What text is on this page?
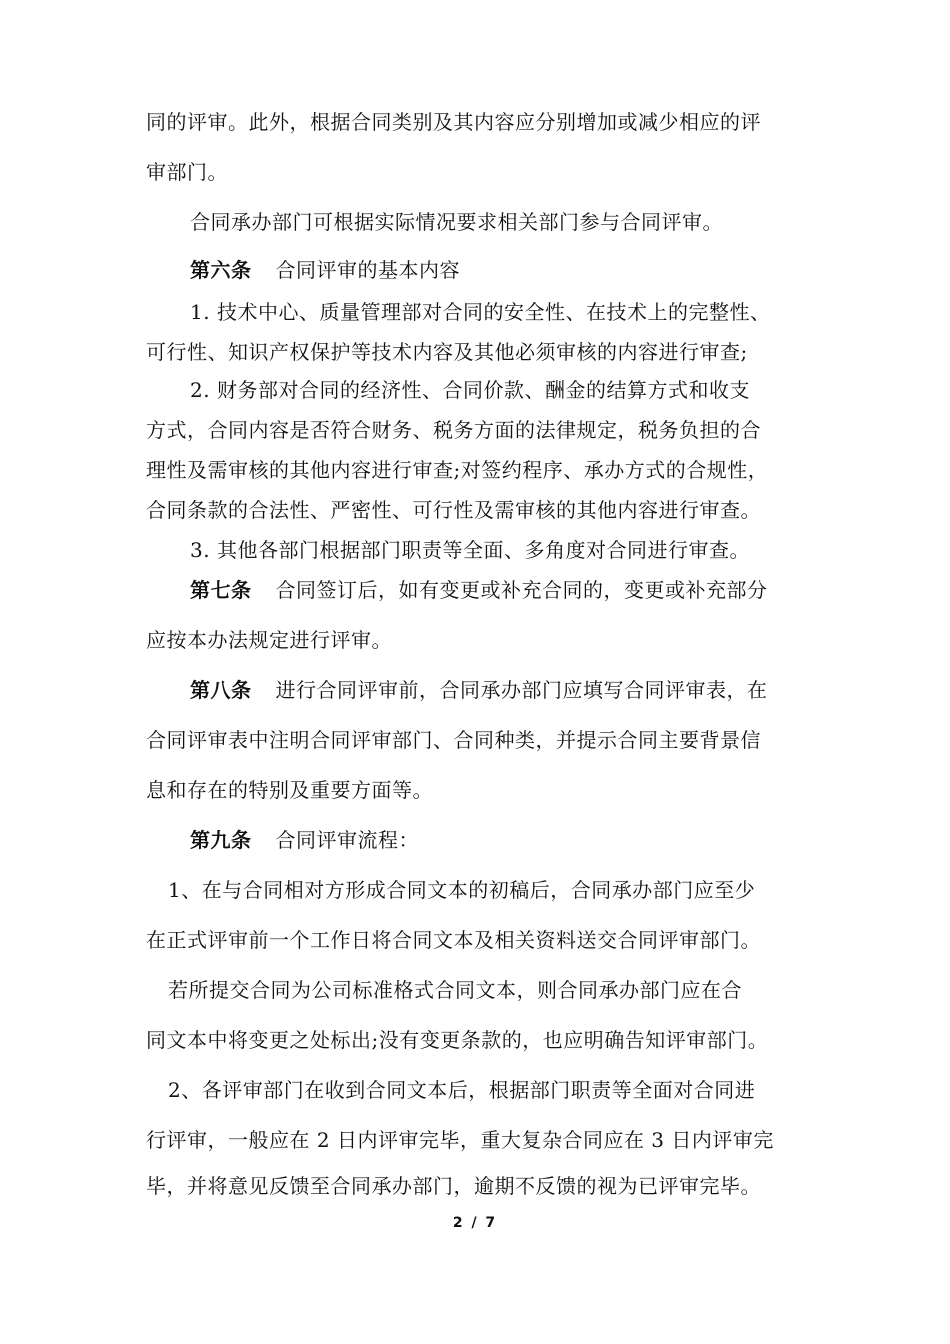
同的评审。此外，根据合同类别及其内容应分别增加或减少相应的评
审部门。
合同承办部门可根据实际情况要求相关部门参与合同评审。
第六条 合同评审的基本内容
1. 技术中心、质量管理部对合同的安全性、在技术上的完整性、
可行性、知识产权保护等技术内容及其他必须审核的内容进行审查;
2. 财务部对合同的经济性、合同价款、酬金的结算方式和收支
方式，合同内容是否符合财务、税务方面的法律规定，税务负担的合
理性及需审核的其他内容进行审查;对签约程序、承办方式的合规性，
合同条款的合法性、严密性、可行性及需审核的其他内容进行审查。
3. 其他各部门根据部门职责等全面、多角度对合同进行审查。
第七条 合同签订后，如有变更或补充合同的，变更或补充部分
应按本办法规定进行评审。
第八条 进行合同评审前，合同承办部门应填写合同评审表，在
合同评审表中注明合同评审部门、合同种类，并提示合同主要背景信
息和存在的特别及重要方面等。
第九条 合同评审流程：
1、在与合同相对方形成合同文本的初稿后，合同承办部门应至少
在正式评审前一个工作日将合同文本及相关资料送交合同评审部门。
若所提交合同为公司标准格式合同文本，则合同承办部门应在合
同文本中将变更之处标出;没有变更条款的，也应明确告知评审部门。
2、各评审部门在收到合同文本后，根据部门职责等全面对合同进
行评审，一般应在 2 日内评审完毕，重大复杂合同应在 3 日内评审完
毕，并将意见反馈至合同承办部门，逾期不反馈的视为已评审完毕。
2 / 7
